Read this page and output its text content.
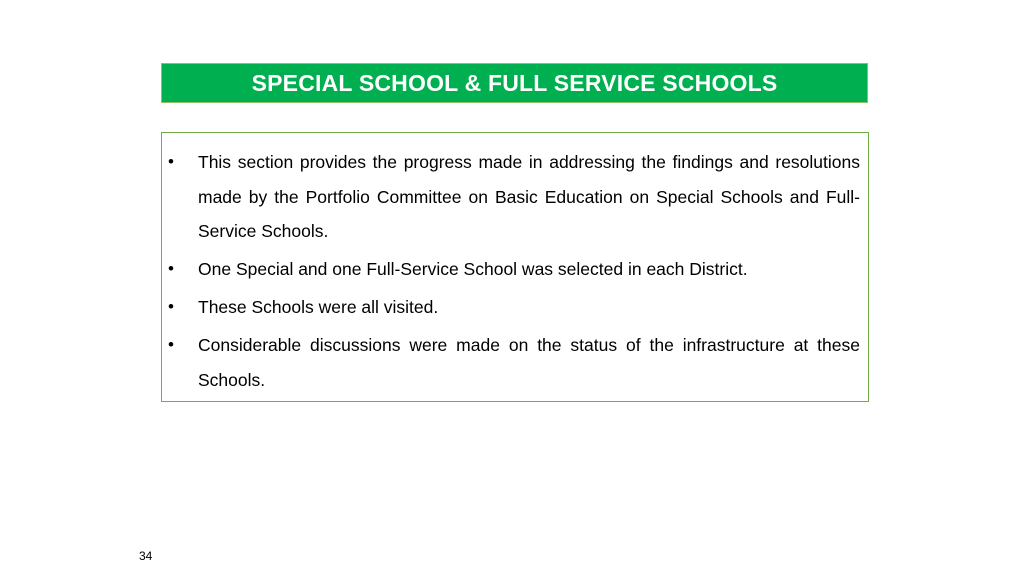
SPECIAL SCHOOL & FULL SERVICE SCHOOLS
• This section provides the progress made in addressing the findings and resolutions made by the Portfolio Committee on Basic Education on Special Schools and Full-Service Schools.
• One Special and one Full-Service School was selected in each District.
• These Schools were all visited.
• Considerable discussions were made on the status of the infrastructure at these Schools.
34
